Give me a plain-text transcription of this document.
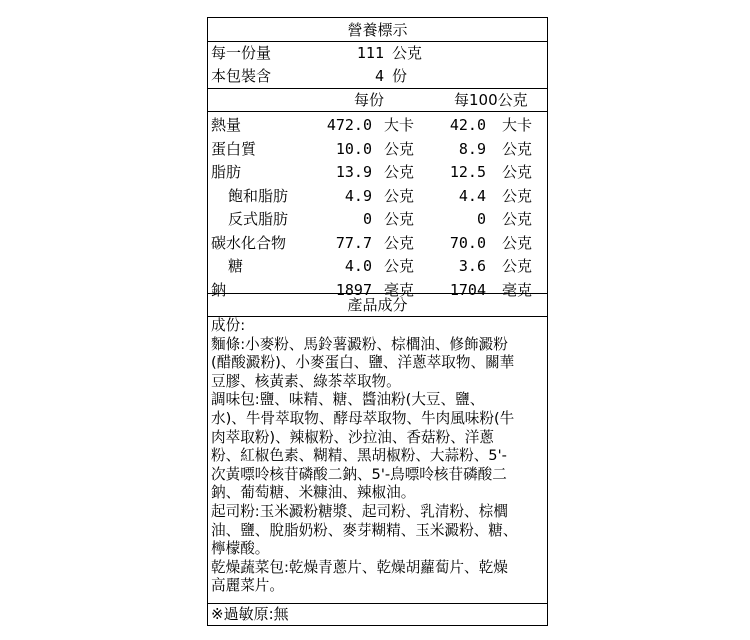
營養標示
每一份量	111 公克
本包裝含	4 份
每份	每100公克
熱量	472.0 大卡	42.0 大卡
蛋白質	10.0 公克	8.9 公克
脂肪	13.9 公克	12.5 公克
飽和脂肪	4.9 公克	4.4 公克
反式脂肪	0 公克	0 公克
碳水化合物	77.7 公克	70.0 公克
糖	4.0 公克	3.6 公克
鈉	1897 毫克	1704 毫克
產品成分

成份:

麵條:小麥粉、馬鈴薯澱粉、棕櫚油、修飾澱粉

(醋酸澱粉)、小麥蛋白、鹽、洋蔥萃取物、關華

豆膠、核黃素、綠茶萃取物。

調味包:鹽、味精、糖、醬油粉(大豆、鹽、

水)、牛骨萃取物、酵母萃取物、牛肉風味粉(牛

肉萃取粉)、辣椒粉、沙拉油、香菇粉、洋蔥

粉、紅椒色素、糊精、黑胡椒粉、大蒜粉、5'-

次黃嘌呤核苷磷酸二鈉、5'-鳥嘌呤核苷磷酸二

鈉、葡萄糖、米糠油、辣椒油。

起司粉:玉米澱粉糖漿、起司粉、乳清粉、棕櫚

油、鹽、脫脂奶粉、麥芽糊精、玉米澱粉、糖、

檸檬酸。

乾燥蔬菜包:乾燥青蔥片、乾燥胡蘿蔔片、乾燥

高麗菜片。

※過敏原:無
